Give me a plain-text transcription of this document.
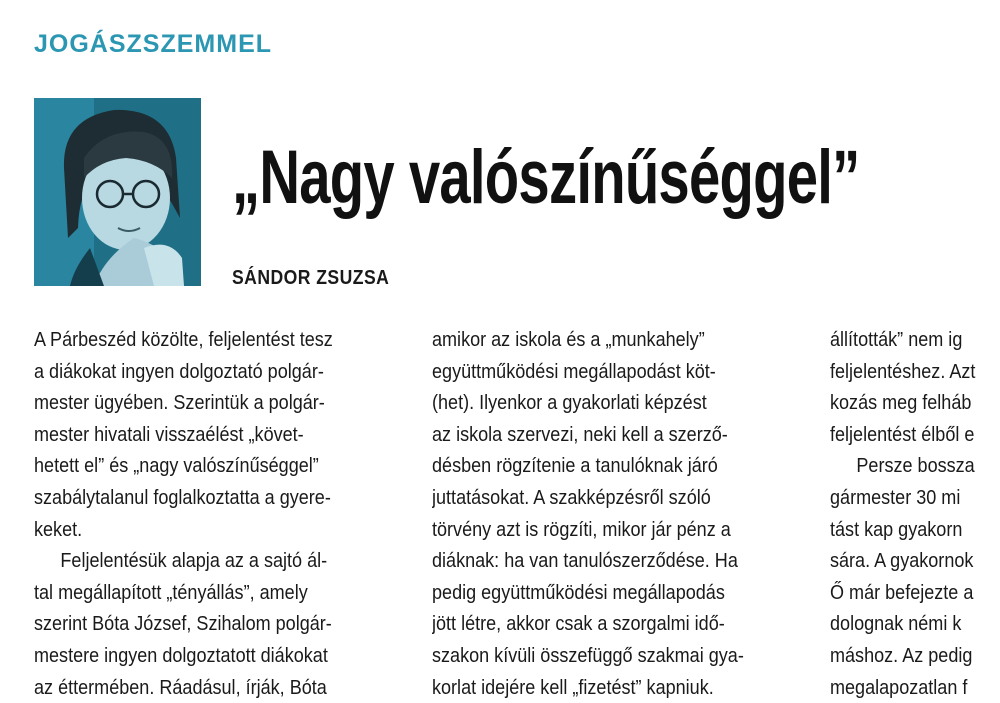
JOGÁSZSZEMMEL
„Nagy valószínűséggel”
SÁNDOR ZSUZSA
A Párbeszéd közölte, feljelentést tesz
a diákokat ingyen dolgoztató polgár-
mester ügyében. Szerintük a polgár-
mester hivatali visszaélést „követ-
hetett el” és „nagy valószínűséggel”
szabálytalanul foglalkoztatta a gyere-
keket.
Feljelentésük alapja az a sajtó ál-
tal megállapított „tényállás”, amely
szerint Bóta József, Szihalom polgár-
mestere ingyen dolgoztatott diákokat
az éttermében. Ráadásul, írják, Bóta
amikor az iskola és a „munkahely”
együttműködési megállapodást köt-
(het). Ilyenkor a gyakorlati képzést
az iskola szervezi, neki kell a szerző-
désben rögzítenie a tanulóknak járó
juttatásokat. A szakképzésről szóló
törvény azt is rögzíti, mikor jár pénz a
diáknak: ha van tanulószerződése. Ha
pedig együttműködési megállapodás
jött létre, akkor csak a szorgalmi idő-
szakon kívüli összefüggő szakmai gya-
korlat idejére kell „fizetést” kapniuk.
állították” nem ig
feljelentéshez. Azt
kozás meg felháb
feljelentést élből e
Persze bossza
gármester 30 mi
tást kap gyakorn
sára. A gyakornok
Ő már befejezte a
dolognak némi k
máshoz. Az pedig
megalapozatlan f
